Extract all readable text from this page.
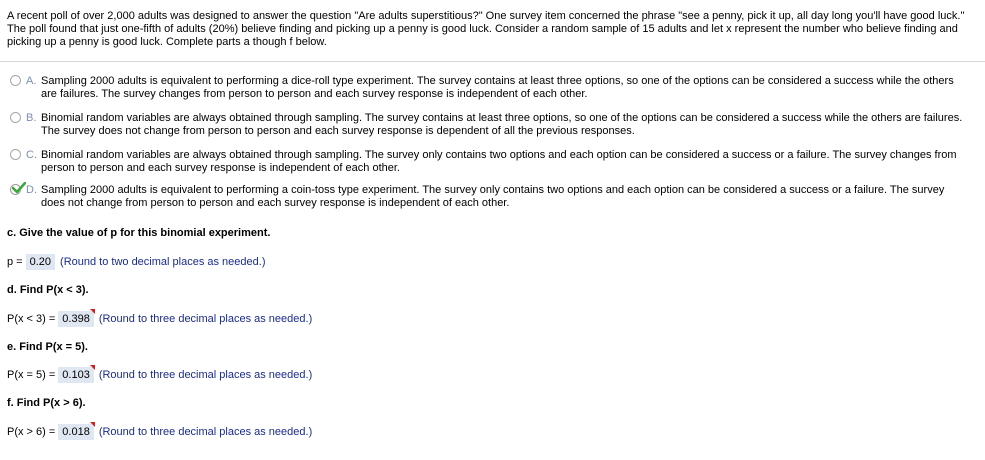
A recent poll of over 2,000 adults was designed to answer the question "Are adults superstitious?" One survey item concerned the phrase "see a penny, pick it up, all day long you'll have good luck." The poll found that just one-fifth of adults (20%) believe finding and picking up a penny is good luck. Consider a random sample of 15 adults and let x represent the number who believe finding and picking up a penny is good luck. Complete parts a though f below.
A. Sampling 2000 adults is equivalent to performing a dice-roll type experiment. The survey contains at least three options, so one of the options can be considered a success while the others are failures. The survey changes from person to person and each survey response is independent of each other.
B. Binomial random variables are always obtained through sampling. The survey contains at least three options, so one of the options can be considered a success while the others are failures. The survey does not change from person to person and each survey response is dependent of all the previous responses.
C. Binomial random variables are always obtained through sampling. The survey only contains two options and each option can be considered a success or a failure. The survey changes from person to person and each survey response is independent of each other.
D. Sampling 2000 adults is equivalent to performing a coin-toss type experiment. The survey only contains two options and each option can be considered a success or a failure. The survey does not change from person to person and each survey response is independent of each other.
c. Give the value of p for this binomial experiment.
p = 0.20 (Round to two decimal places as needed.)
d. Find P(x < 3).
P(x < 3) = 0.398 (Round to three decimal places as needed.)
e. Find P(x = 5).
P(x = 5) = 0.103 (Round to three decimal places as needed.)
f. Find P(x > 6).
P(x > 6) = 0.018 (Round to three decimal places as needed.)
